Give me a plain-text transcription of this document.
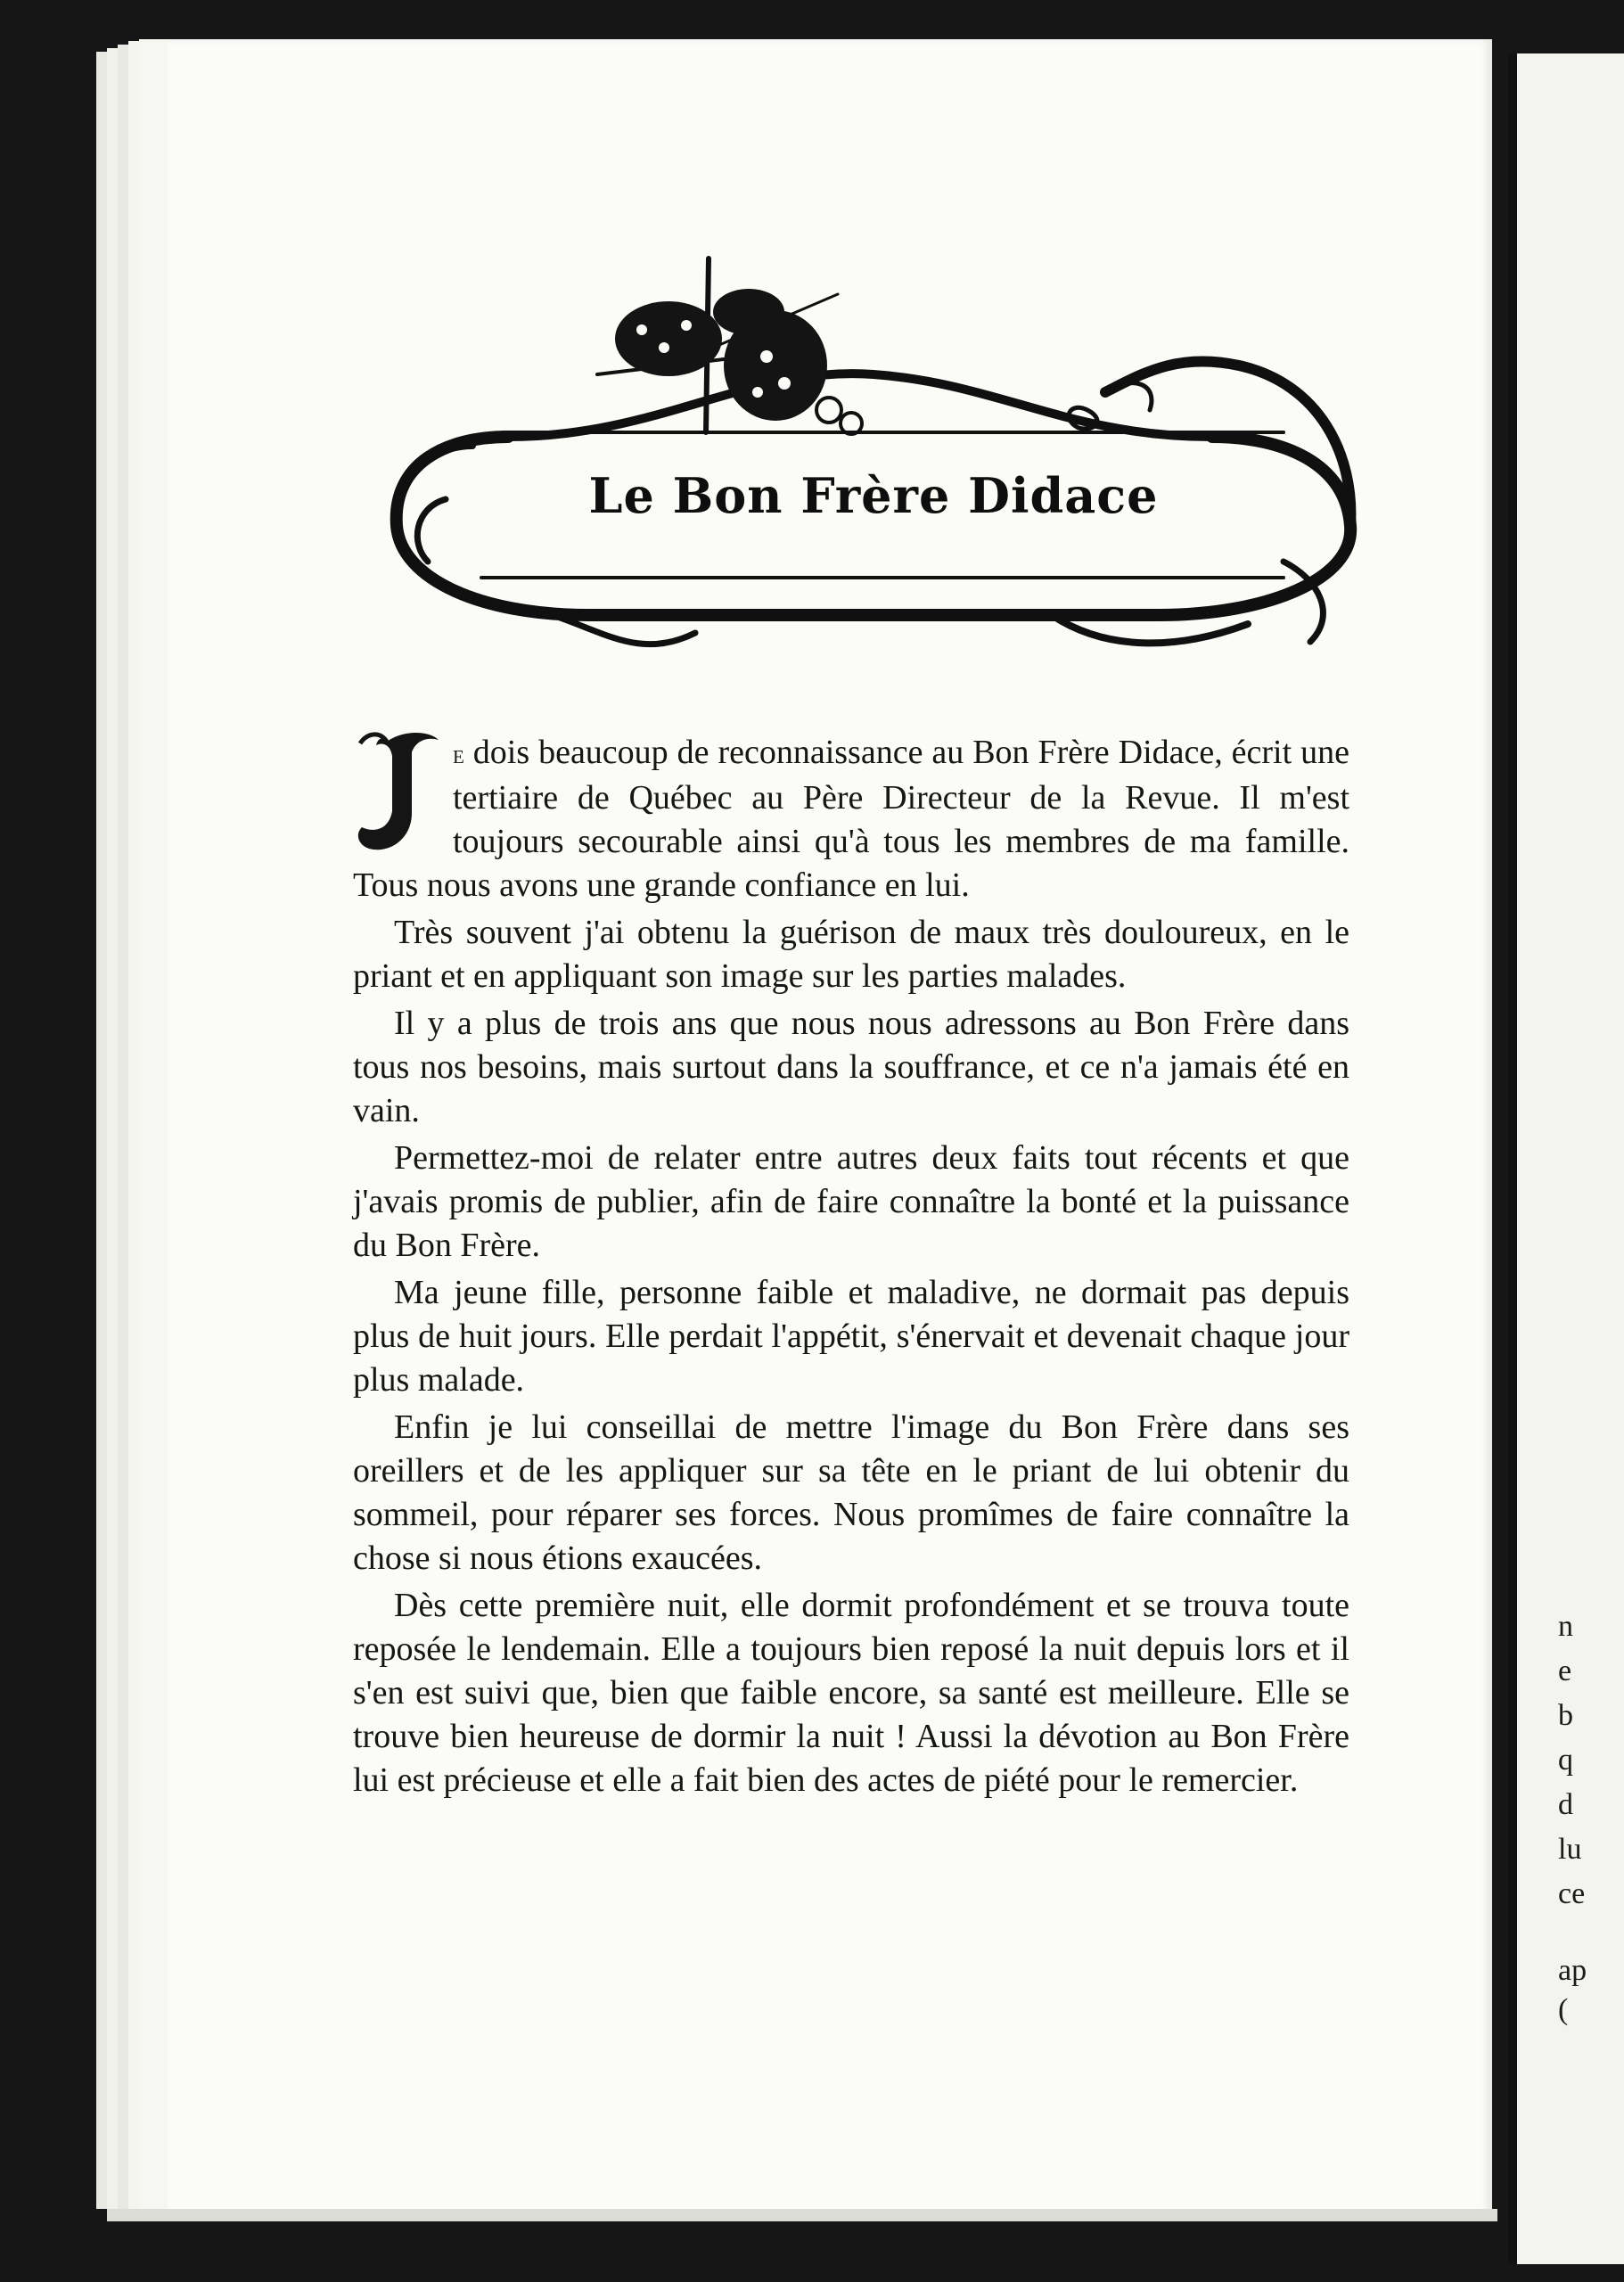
n
e
b
q
d
lu
ce
ap
(
Le Bon Frère Didace

e dois beaucoup de reconnaissance au Bon Frère Didace, écrit une tertiaire de Québec au Père Directeur de la Revue. Il m'est toujours secourable ainsi qu'à tous les membres de ma famille. Tous nous avons une grande confiance en lui.

Très souvent j'ai obtenu la guérison de maux très douloureux, en le priant et en appliquant son image sur les parties malades.

Il y a plus de trois ans que nous nous adressons au Bon Frère dans tous nos besoins, mais surtout dans la souffrance, et ce n'a jamais été en vain.

Permettez-moi de relater entre autres deux faits tout récents et que j'avais promis de publier, afin de faire connaître la bonté et la puissance du Bon Frère.

Ma jeune fille, personne faible et maladive, ne dormait pas depuis plus de huit jours. Elle perdait l'appétit, s'énervait et devenait chaque jour plus malade.

Enfin je lui conseillai de mettre l'image du Bon Frère dans ses oreillers et de les appliquer sur sa tête en le priant de lui obtenir du sommeil, pour réparer ses forces. Nous promîmes de faire connaître la chose si nous étions exaucées.

Dès cette première nuit, elle dormit profondément et se trouva toute reposée le lendemain. Elle a toujours bien reposé la nuit depuis lors et il s'en est suivi que, bien que faible encore, sa santé est meilleure. Elle se trouve bien heureuse de dormir la nuit ! Aussi la dévotion au Bon Frère lui est précieuse et elle a fait bien des actes de piété pour le remercier.
